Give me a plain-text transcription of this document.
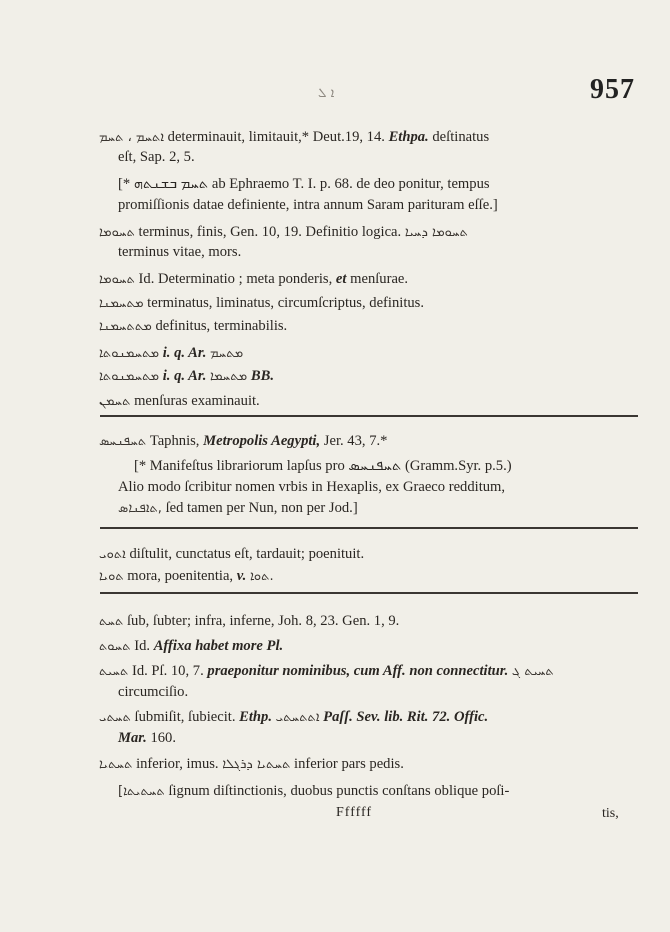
ܐ ܠ	957
ܐܬܚܡ ، ܬܚܡ determinauit, limitauit,* Deut.19, 14. Ethpa. deſtinatus
eſt, Sap. 2, 5.
[* ܬܚܡ ܒܫܢܬܗ ab Ephraemo T. I. p. 68. de deo ponitur, tempus
promiſſionis datae definiente, intra annum Saram parituram eſſe.]
ܬܚܘܡܐ terminus, finis, Gen. 10, 19. Definitio logica. ܬܚܘܡܐ ܕܚܝܐ
terminus vitae, mors.
ܬܚܘܡܐ Id. Determinatio ; meta ponderis, et menſurae.
ܡܬܚܡܢܐ terminatus, liminatus, circumſcriptus, definitus.
ܡܬܬܚܡܢܐ definitus, terminabilis.
ܡܬܚܡܢܘܬܐ i. q. Ar. ܡܬܚܡ
ܡܬܚܡܢܘܬܐ i. q. Ar. ܡܬܚܡܐ BB.
ܬܚܡܢ menſuras examinauit.
ܬܚܦܢܚܣ Taphnis, Metropolis Aegypti, Jer. 43, 7.*
[* Manifeſtus librariorum lapſus pro ܬܚܦܢܚܣ (Gramm.Syr. p.5.)
Alio modo ſcribitur nomen vrbis in Hexaplis, ex Graeco redditum,
ܬܐܦܢܐܣ, ſed tamen per Nun, non per Jod.]
ܐܬܘܝ diſtulit, cunctatus eſt, tardauit; poenituit.
ܬܘܝܐ mora, poenitentia, v. ܬܘܐ.
ܬܚܬ ſub, ſubter; infra, inferne, Joh. 8, 23. Gen. 1, 9.
ܬܚܘܬ Id. Affixa habet more Pl.
ܬܚܝܬ Id. Pſ. 10, 7. praeponitur nominibus, cum Aff. non connectitur. ܬܚܝܬ ܓ
circumciſio.
ܬܚܬܝ ſubmiſit, ſubiecit. Ethp. ܐܬܬܚܬܝ Paſſ. Sev. lib. Rit. 72. Offic.
Mar. 160.
ܬܚܬܝܐ inferior, imus. ܬܚܬܝܐ ܕܪܓܠܐ inferior pars pedis.
[ܬܚܬܝܬܐ ſignum diſtinctionis, duobus punctis conſtans oblique poſi-
Ffffff	tis,
